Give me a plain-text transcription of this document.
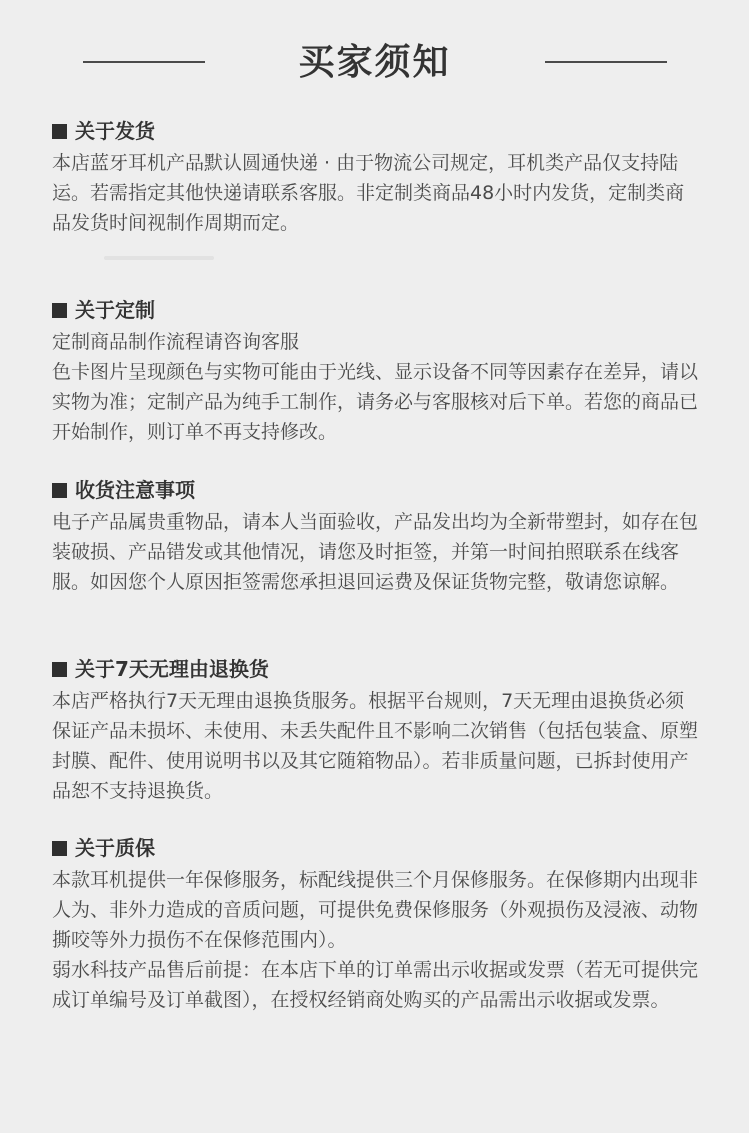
买家须知
关于发货

本店蓝牙耳机产品默认圆通快递 · 由于物流公司规定，耳机类产品仅支持陆运。若需指定其他快递请联系客服。非定制类商品48小时内发货，定制类商品发货时间视制作周期而定。

关于定制

定制商品制作流程请咨询客服

色卡图片呈现颜色与实物可能由于光线、显示设备不同等因素存在差异，请以实物为准；定制产品为纯手工制作，请务必与客服核对后下单。若您的商品已开始制作，则订单不再支持修改。

收货注意事项

电子产品属贵重物品，请本人当面验收，产品发出均为全新带塑封，如存在包装破损、产品错发或其他情况，请您及时拒签，并第一时间拍照联系在线客服。如因您个人原因拒签需您承担退回运费及保证货物完整，敬请您谅解。

关于7天无理由退换货

本店严格执行7天无理由退换货服务。根据平台规则，7天无理由退换货必须保证产品未损坏、未使用、未丢失配件且不影响二次销售（包括包装盒、原塑封膜、配件、使用说明书以及其它随箱物品）。若非质量问题，已拆封使用产品恕不支持退换货。

关于质保

本款耳机提供一年保修服务，标配线提供三个月保修服务。在保修期内出现非人为、非外力造成的音质问题，可提供免费保修服务（外观损伤及浸液、动物撕咬等外力损伤不在保修范围内）。

弱水科技产品售后前提：在本店下单的订单需出示收据或发票（若无可提供完成订单编号及订单截图），在授权经销商处购买的产品需出示收据或发票。
